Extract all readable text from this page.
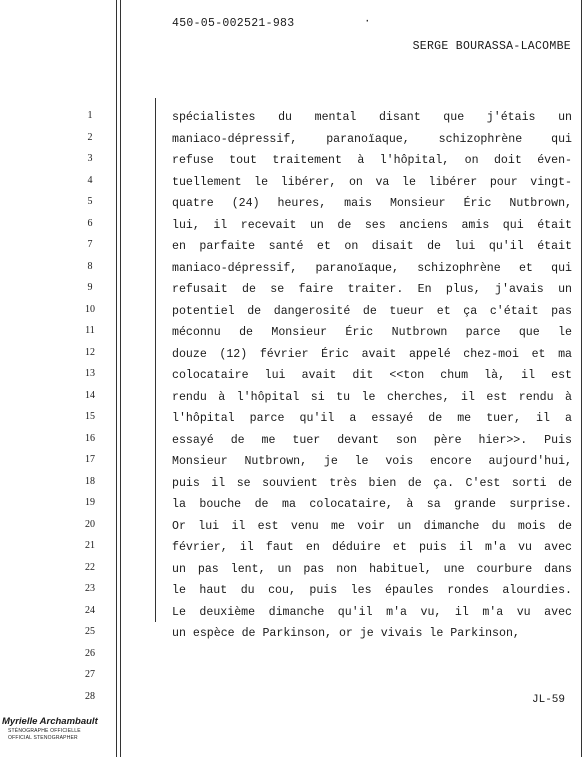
450-05-002521-983	·
SERGE BOURASSA-LACOMBE
1
2
3
4
5
6
7
8
9
10
11
12
13
14
15
16
17
18
19
20
21
22
23
24
25
26
27
28
spécialistes du mental disant que j'étais un
maniaco-dépressif, paranoïaque, schizophrène qui
refuse tout traitement à l'hôpital, on doit éven-
tuellement le libérer, on va le libérer pour vingt-
quatre (24) heures, mais Monsieur Éric Nutbrown,
lui, il recevait un de ses anciens amis qui était
en parfaite santé et on disait de lui qu'il était
maniaco-dépressif, paranoïaque, schizophrène et qui
refusait de se faire traiter. En plus, j'avais un
potentiel de dangerosité de tueur et ça c'était pas
méconnu de Monsieur Éric Nutbrown parce que le
douze (12) février Éric avait appelé chez-moi et ma
colocataire lui avait dit <<ton chum là, il est
rendu à l'hôpital si tu le cherches, il est rendu à
l'hôpital parce qu'il a essayé de me tuer, il a
essayé de me tuer devant son père hier>>. Puis
Monsieur Nutbrown, je le vois encore aujourd'hui,
puis il se souvient très bien de ça. C'est sorti de
la bouche de ma colocataire, à sa grande surprise.
Or lui il est venu me voir un dimanche du mois de
février, il faut en déduire et puis il m'a vu avec
un pas lent, un pas non habituel, une courbure dans
le haut du cou, puis les épaules rondes alourdies.
Le deuxième dimanche qu'il m'a vu, il m'a vu avec
un espèce de Parkinson, or je vivais le Parkinson,
JL-59
Myrielle Archambault
STÉNOGRAPHE OFFICIELLE
OFFICIAL STENOGRAPHER
